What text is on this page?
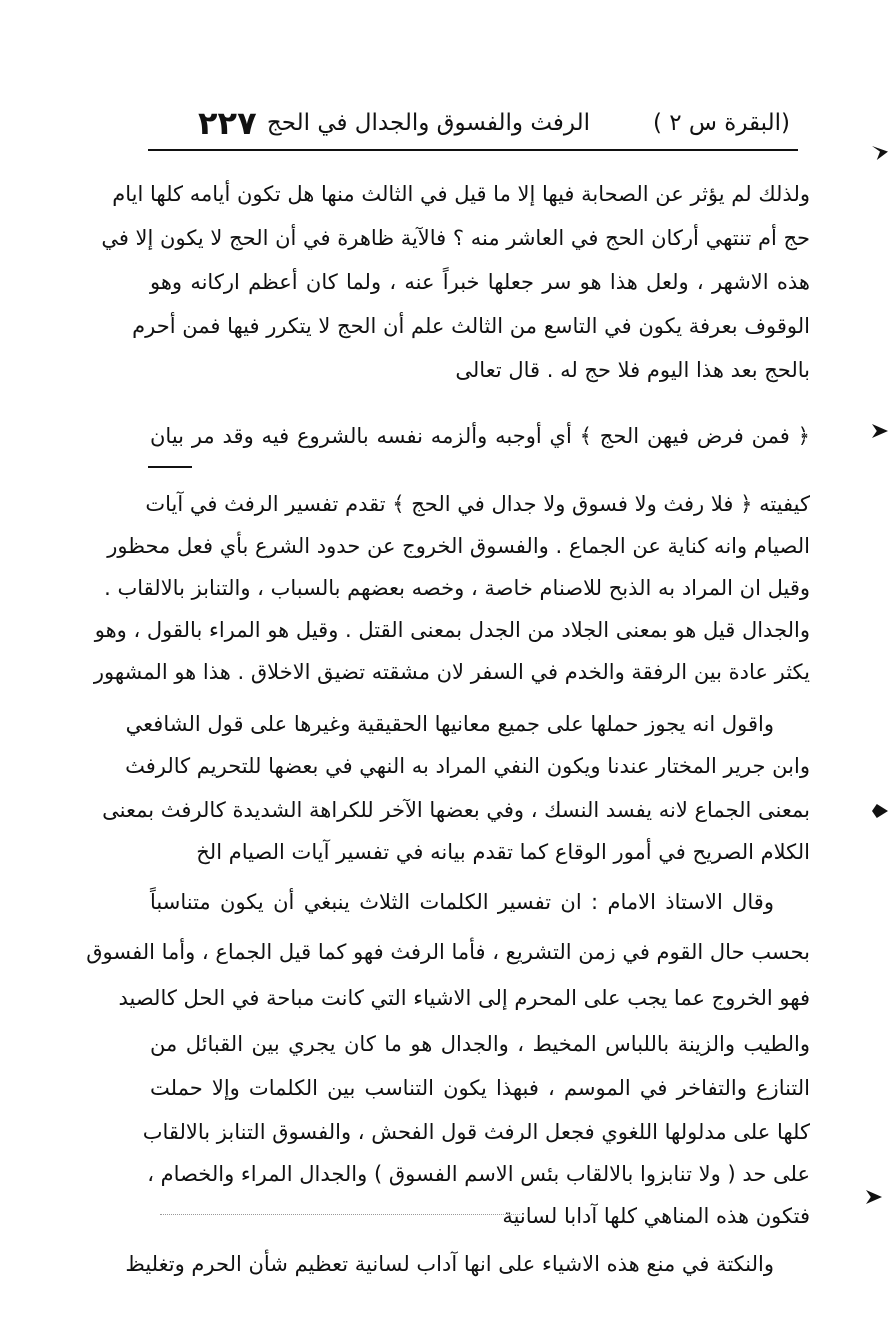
(البقرة س ٢ )
الرفث والفسوق والجدال في الحج
٢٢٧
ولذلك لم يؤثر عن الصحابة فيها إلا ما قيل في الثالث منها هل تكون أيامه كلها ايام
حج أم تنتهي أركان الحج في العاشر منه ؟ فالآية ظاهرة في أن الحج لا يكون إلا في
هذه الاشهر ، ولعل هذا هو سر جعلها خبراً عنه ، ولما كان أعظم اركانه وهو
الوقوف بعرفة يكون في التاسع من الثالث علم أن الحج لا يتكرر فيها فمن أحرم
بالحج بعد هذا اليوم فلا حج له . قال تعالى
﴿ فمن فرض فيهن الحج ﴾ أي أوجبه وألزمه نفسه بالشروع فيه وقد مر بيان
كيفيته ﴿ فلا رفث ولا فسوق ولا جدال في الحج ﴾ تقدم تفسير الرفث في آيات
الصيام وانه كناية عن الجماع . والفسوق الخروج عن حدود الشرع بأي فعل محظور
وقيل ان المراد به الذبح للاصنام خاصة ، وخصه بعضهم بالسباب ، والتنابز بالالقاب .
والجدال قيل هو بمعنى الجلاد من الجدل بمعنى القتل . وقيل هو المراء بالقول ، وهو
يكثر عادة بين الرفقة والخدم في السفر لان مشقته تضيق الاخلاق . هذا هو المشهور
واقول انه يجوز حملها على جميع معانيها الحقيقية وغيرها على قول الشافعي
وابن جرير المختار عندنا ويكون النفي المراد به النهي في بعضها للتحريم كالرفث
بمعنى الجماع لانه يفسد النسك ، وفي بعضها الآخر للكراهة الشديدة كالرفث بمعنى
الكلام الصريح في أمور الوقاع كما تقدم بيانه في تفسير آيات الصيام الخ
وقال الاستاذ الامام : ان تفسير الكلمات الثلاث ينبغي أن يكون متناسباً
بحسب حال القوم في زمن التشريع ، فأما الرفث فهو كما قيل الجماع ، وأما الفسوق
فهو الخروج عما يجب على المحرم إلى الاشياء التي كانت مباحة في الحل كالصيد
والطيب والزينة باللباس المخيط ، والجدال هو ما كان يجري بين القبائل من
التنازع والتفاخر في الموسم ، فبهذا يكون التناسب بين الكلمات وإلا حملت
كلها على مدلولها اللغوي فجعل الرفث قول الفحش ، والفسوق التنابز بالالقاب
على حد ( ولا تنابزوا بالالقاب بئس الاسم الفسوق ) والجدال المراء والخصام ،
فتكون هذه المناهي كلها آدابا لسانية
والنكتة في منع هذه الاشياء على انها آداب لسانية تعظيم شأن الحرم وتغليظ
